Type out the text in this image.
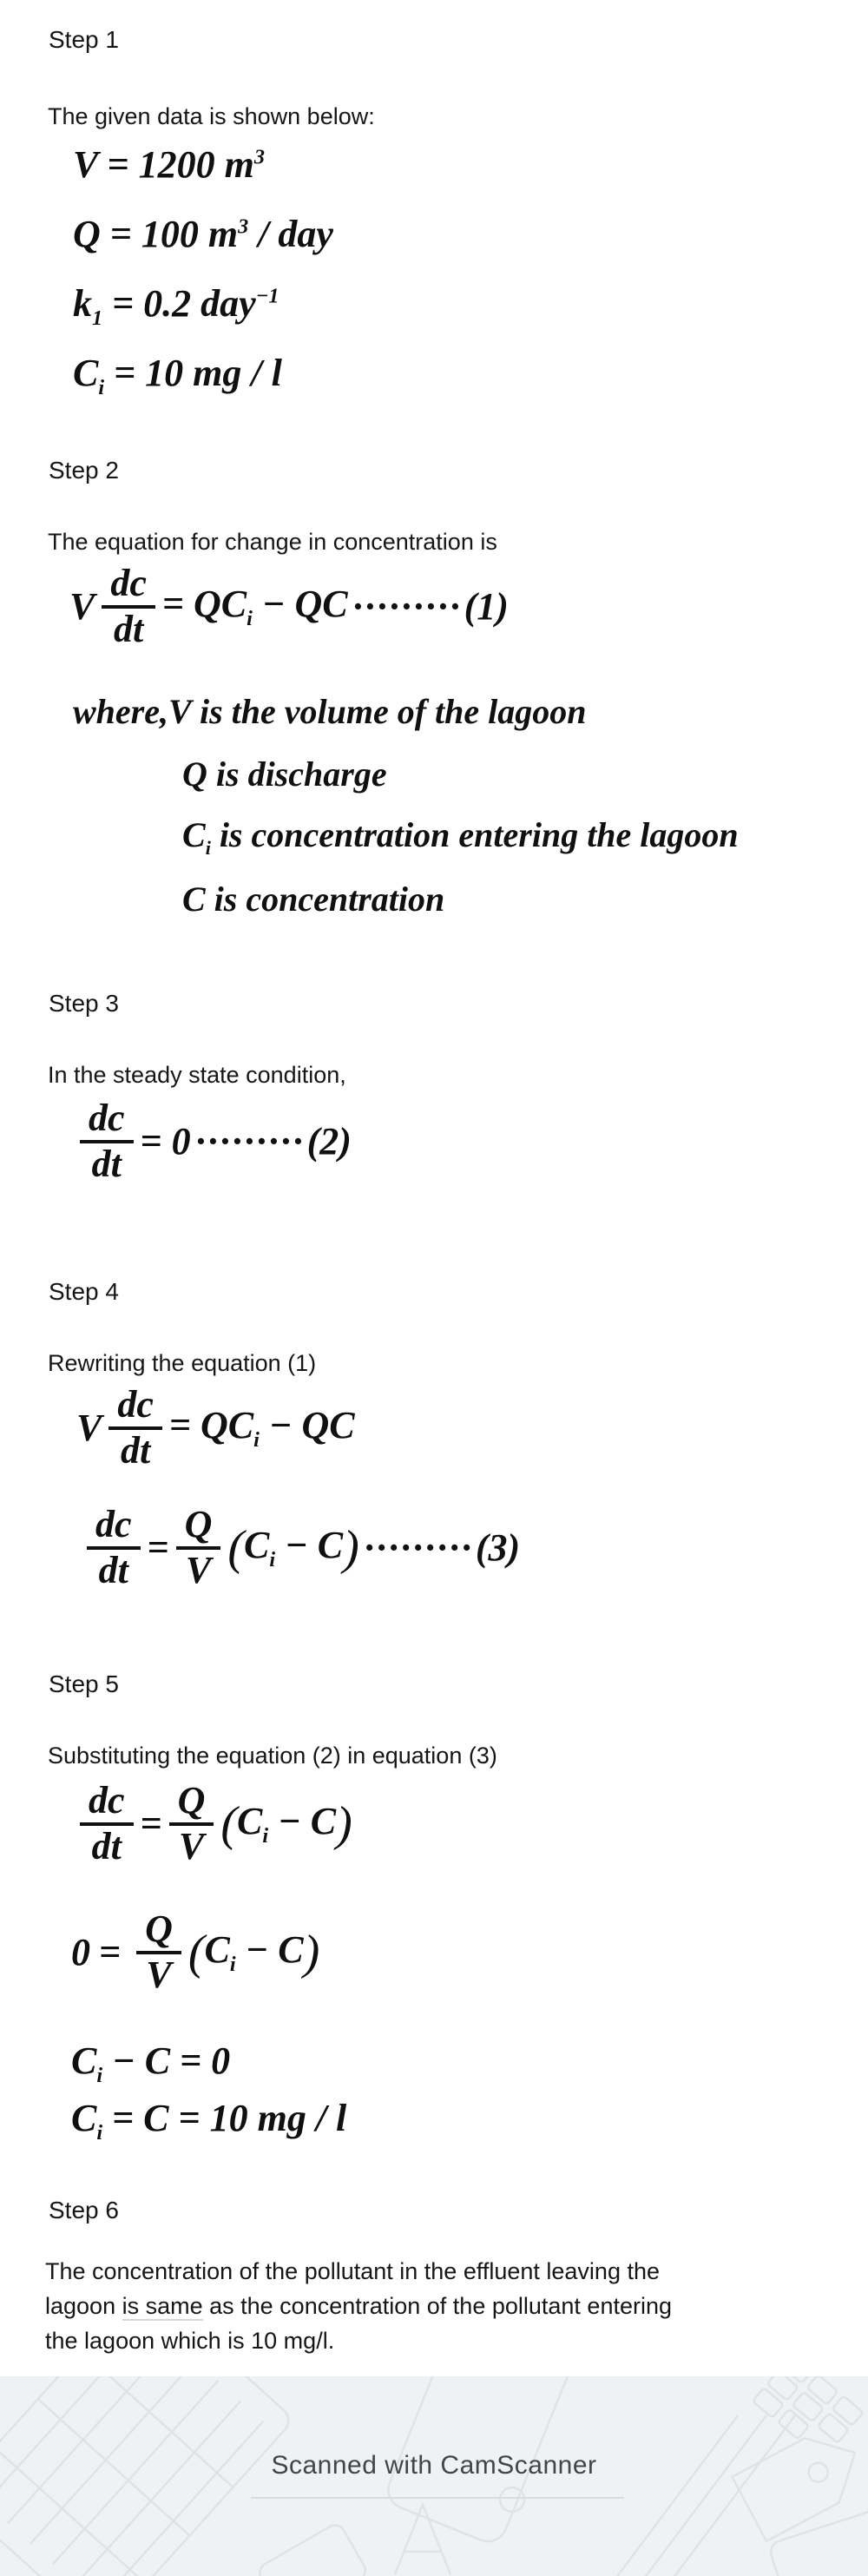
Step 1
The given data is shown below:
V = 1200 $m^3$
Q = 100 $m^3$ / day
$k_1 = 0.2$ day$^{-1}$
$C_i = 10$ mg / l
Step 2
The equation for change in concentration is
V $\frac{dc}{dt} = QC_i$ − QC ········· (1)
where,V is the volume of the lagoon
Q is discharge
$C_i$ is concentration entering the lagoon
C is concentration
Step 3
In the steady state condition,
$\frac{dc}{dt} = 0$ ········· (2)
Step 4
Rewriting the equation (1)
V $\frac{dc}{dt} = QC_i$ − QC
$\frac{dc}{dt} = \frac{Q}{V}$ ( $C_i - C$ ) ········· (3)
Step 5
Substituting the equation (2) in equation (3)
$\frac{dc}{dt} = \frac{Q}{V}$ ( $C_i - C$ )
$0 = \frac{Q}{V}$ ( $C_i - C$ )
$C_i - C = 0$
$C_i = C = 10$ mg / l
Step 6
The concentration of the pollutant in the effluent leaving the
lagoon is same as the concentration of the pollutant entering
the lagoon which is 10 mg/l.
Scanned with CamScanner
